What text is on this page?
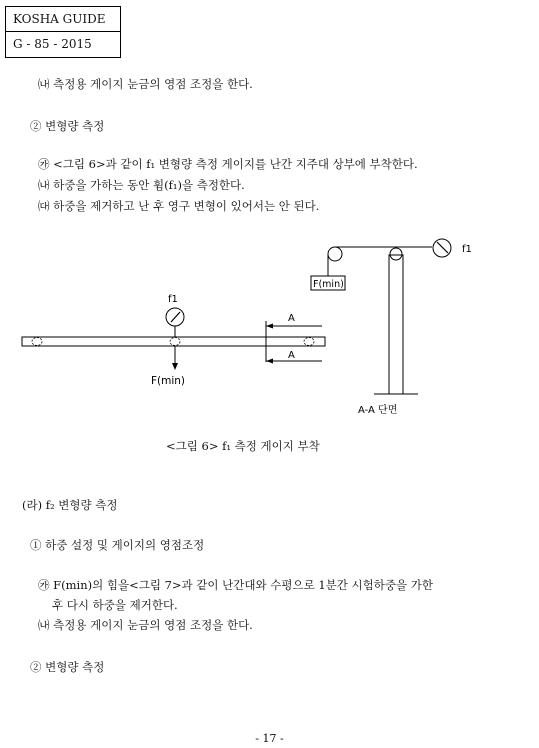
KOSHA GUIDE
G - 85 - 2015
㈏ 측정용 게이지 눈금의 영점 조정을 한다.
② 변형량 측정
㉮ <그림 6>과 같이 f₁ 변형량 측정 게이지를 난간 지주대 상부에 부착한다.
㈏ 하중을 가하는 동안 휨(f₁)을 측정한다.
㈐ 하중을 제거하고 난 후 영구 변형이 있어서는 안 된다.
F(min)
f1
A-A 단면
f1
A
A
F(min)
<그림 6> f₁ 측정 게이지 부착
(라) f₂ 변형량 측정
① 하중 설정 및 게이지의 영점조정
㉮ F(min)의 힘을<그림 7>과 같이 난간대와 수평으로 1분간 시험하중을 가한
후 다시 하중을 제거한다.
㈏ 측정용 게이지 눈금의 영점 조정을 한다.
② 변형량 측정
- 17 -
